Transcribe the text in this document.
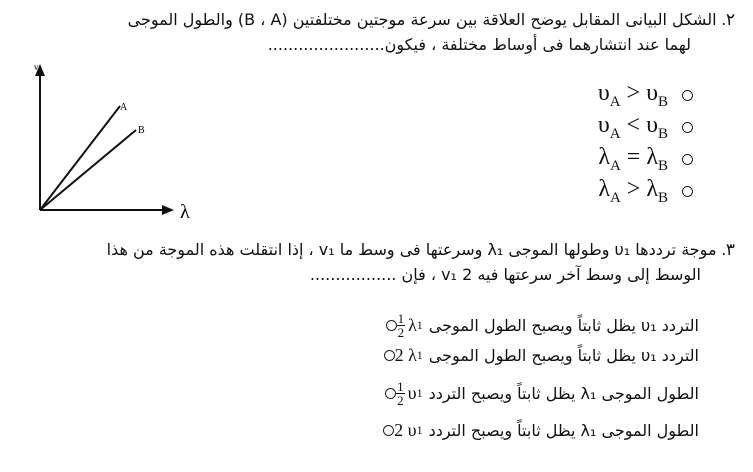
٢. الشكل البيانى المقابل يوضح العلاقة بين سرعة موجتين مختلفتين (B ، A) والطول الموجى
لهما عند انتشارهما فى أوساط مختلفة ، فيكون.......................
v
λ
A
B
$\upsilon_A > \upsilon_B$
$\upsilon_A < \upsilon_B$
$\lambda_A = \lambda_B$
$\lambda_A > \lambda_B$
٣. موجة ترددها υ₁ وطولها الموجى λ₁ وسرعتها فى وسط ما v₁ ، إذا انتقلت هذه الموجة من هذا
الوسط إلى وسط آخر سرعتها فيه 2 v₁ ، فإن .................
التردد υ₁ يظل ثابتاً ويصبح الطول الموجى
$\frac{1}{2}$ λ 1
التردد υ₁ يظل ثابتاً ويصبح الطول الموجى
2
λ 1
الطول الموجى λ₁ يظل ثابتاً ويصبح التردد
$\frac{1}{2}$ υ 1
الطول الموجى λ₁ يظل ثابتاً ويصبح التردد
2
υ 1
